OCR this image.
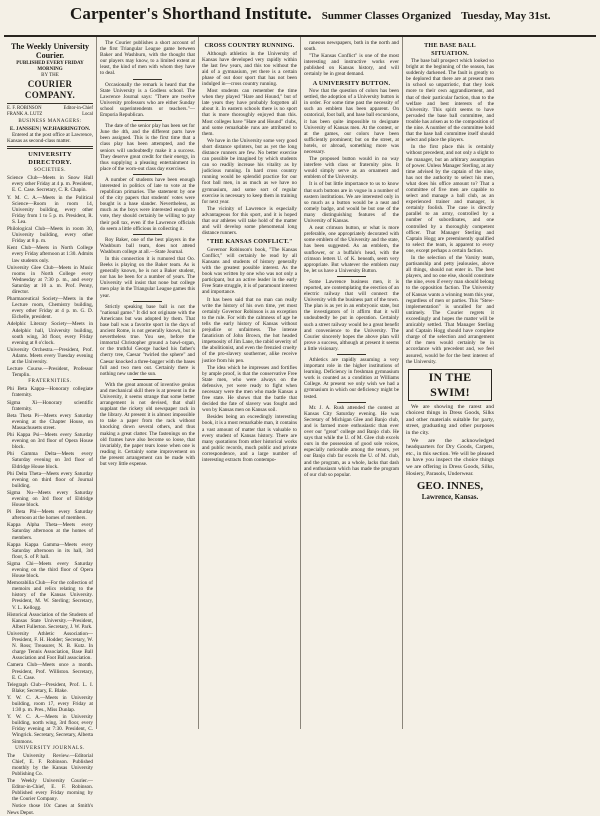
Carpenter's Shorthand Institute. Summer Classes Organized Tuesday, May 31st.
The Weekly University Courier.
PUBLISHED EVERY FRIDAY MORNING
BY THE
COURIER COMPANY.
E. F. ROBINSON	Editor-in-Chief
FRANK A. LUTZ	Local
BUSINESS MANAGERS:
E. JANSSEN | W.P.HARRINGTON.

Entered at the post office at Lawrence, Kansas as second-class matter.

UNIVERSITY DIRECTORY.
SOCIETIES.

Science Club—Meets in Snow Hall every other Friday at 4 p. m. President, E. C. Case. Secretary, C. R. Chapin.

Y. M. C. A.—Meets in the Political Science—Room in room 14, University building, every other Friday from 1 to 5 p. m. President, R. S. Lea.

Philological Club—Meets in room 30, University building, every other Friday at 8 p. m.

Kent Club—Meets in North College every Friday afternoon at 1:30. Admits law students only.

University Glee Club—Meets in Music rooms in North College every Wednesday at 7:30 p. m., and every Saturday at 10 a. m. Prof. Penny, director.

Pharmaceutical Society—Meets in the Lecture room, Chemistry building, every other Friday at 4 p. m. G. D. Eichelle, president.

Adelphic Literary Society—Meets in Adelphic hall, University building, south wing, 3d floor, every Friday evening at 8 o'clock.

University Orchestra.—President, Prof. Adams. Meets every Tuesday evening at the University.

Lecture Course.—President, Professor Templin.

FRATERNITIES.

Phi Beta Kappa—Honorary collegiate fraternity.

Sigma Xi—Honorary scientific fraternity.

Beta Theta Pi—Meets every Saturday evening at the Chapter House, on Massachusetts street.

Phi Kappa Psi—Meets every Saturday evening on 3rd floor of Opera House block.

Phi Gamma Delta—Meets every Saturday evening on 3rd floor of Eldridge House block.

Phi Delta Theta—Meets every Saturday evening on third floor of Journal building.

Sigma Nu—Meets every Saturday evening on 3rd floor of Eldridge House block.

Pi Beta Phi—Meets every Saturday afternoon at the homes of members.

Kappa Alpha Theta—Meets every Saturday afternoon at the homes of members.

Kappa Kappa Gamma—Meets every Saturday afternoon in its hall, 3rd floor, S. of P. hall.

Sigma Chi—Meets every Saturday evening on the third floor of Opera House block.

Memorabilia Club—For the collection of memoirs and relics relating to the history of the Kansas University. President, M. W. Sterling; Secretary, V. L. Kellogg.

Historical Association of the Students of Kansas State University.—President, Albert Fullerton. Secretary, J. W. Park.

University Athletic Association—President, F. H. Hodder; Secretary, W. N. Ross; Treasurer, N. B. Kutz. In charge Tennis Association, Base Ball Association and Foot Ball association.

Camera Club—Meets once a month. President, Prof. Williston. Secretary, E. C. Case.

Telegraph Club—President, Prof. L. I. Blake; Secretary, E. Blake.

Y. W. C. A.—Meets in University building, room 17, every Friday at 1:30 p. m. Pres., Miss Dunlap.

Y. W. C. A.—Meets in University building, north wing, 3rd floor, every Friday evening at 7:30. President, C. Wingrick. Secretary, Secretary, Alberta Simmons.

UNIVERSITY JOURNALS.

The University Review.—Editorial Chief, E. F. Robinson. Published monthly by the Kansas University Publishing Co.

The Weekly University Courier.—Editor-in-Chief, E. F. Robinson. Published every Friday morning by the Courier Company.

Notice those 10c Canes at Smith's News Depot.

The Courier publishes a short account of the first Triangular League game between Baker and Washburn, with the thought that our players may know, to a limited extent at least, the kind of men with whom they have to deal.

Occasionally the remark is heard that the State University is a Godless school. The Lawrence Journal says: "There are twelve University professors who are either Sunday school superintendents or teachers."—Emporia Republican.

The date of the senior play has been set for June the 4th, and the different parts have been assigned. This is the first time that a class play has been attempted, and the seniors will undoubtedly make it a success. They deserve great credit for their energy, in thus supplying a pleasing entertainment in place of the worn-out class day exercises.

A number of students have been enough interested in politics of late to vote at the republican primaries. The statement by one of the city papers that students' votes were bought is a base slander. Nevertheless, as much as the boys were interested enough to vote, they should certainly be willing to pay their poll tax, even if the Lawrence officials do seem a little officious in collecting it.

Roy Baker, one of the best players in the Washburn ball team, does not attend Washburn college at all.—State Journal.

In this connection it is rumored that Oo. Beeks is playing on the Baker team. As is generally known, he is not a Baker student, nor has he been for a number of years. The University will insist that none but college men play in the Triangular League games this year.

Strictly speaking base ball is not the "national game." It did not originate with the Americans but was adopted by them. That base ball was a favorite sport in the days of ancient Rome, is not generally known, but is nevertheless true. You see, before the immortal Christopher ground a bawl-organ, or the truthful George hacked his father's cherry tree, Caesar "twirled the sphere" and Caesar knocked a three-bagger with the bases full and two men out. Certainly there is nothing new under the sun.

With the great amount of inventive genius and mechanical skill there is at present in the University, it seems strange that some better arrangement is not devised, that shall supplant the rickety old newspaper rack in the library. At present it is almost impossible to take a paper from the rack without knocking down several others, and thus making a great clatter. The fastenings on the old frames have also become so loose, that invariably, the paper tears loose when one is reading it. Certainly some improvement on the present arrangement can be made with but very little expense.

CROSS COUNTRY RUNNING.

Although athletics in the University of Kansas have developed very rapidly within the last few years, and this too without the aid of a gymnasium, yet there is a certain phase of out door sport that has not been indulged in—cross country running.

Most students can remember the time when they played "Hare and Hound," but of late years they have probably forgotten all about it. In eastern schools there is no sport that is more thoroughly enjoyed than this. Most colleges have "Hare and Hound" clubs, and some remarkable runs are attributed to them.

We have in the University some very good short distance sprinters, but as yet the long distance runners are few. No better exercise can possible be imagined by which students can so readily increase his vitality as by judicious running. In hard cross country running would be splendid practice for our foot ball men, in as much as we have no gymnasium, and some sort of regular exercise is necessary to keep them in training for next year.

The vicinity of Lawrence is especially advantageous for this sport, and it is hoped that our athletes will take hold of the matter and will develop some phenomenal long distance runners.

"THE KANSAS CONFLICT."

Governor Robinson's book, "The Kansas Conflict," will certainly be read by all Kansans and students of history generally with the greatest possible interest. As the book was written by one who was not only a participant, but an active leader in the early Free State struggle, it is of paramount interest and importance.

It has been said that no man can really write the history of his own time, yet most certainly Governor Robinson is an exception to the rule. For with the calmness of age he tells the early history of Kansas without prejudice or unfairness. The intense fanaticism of John Brown, the hot headed impetuosity of Jim Lane, the rabid severity of the abolitionist, and even the frenzied cruelty of the pro-slavery southerner, alike receive justice from his pen.

The idea which he impresses and fortifies by ample proof, is that the conservative Free State men, who were always on the defensive, yet were ready to fight when necessary were the men who made Kansas a free state. He shows that the battle that decided the fate of slavery was fought and won by Kansas men on Kansas soil.

Besides being an exceedingly interesting book, it is a most remarkable man, it contains a vast amount of matter that is valuable to every student of Kansas history. There are many quotations from other historical works and public records, much public and private correspondence, and a large number of interesting extracts from contempo-

raneous newspapers, both in the north and south.

"The Kansas Conflict" is one of the most interesting and instructive works ever published on Kansas history, and will certainly be in great demand.

A UNIVERSITY BUTTON.

Now that the question of colors has been settled, the adoption of a University button is in order. For some time past the necessity of such an emblem has been apparent. On oratorical, foot ball, and base ball excursions, it has been quite impossible to designate University of Kansas men. At the contest, or at the games, our colors have been sufficiently prominent; but on the street, at hotels, or abroad, something more was necessary.

The proposed button would in no way interfere with class or fraternity pins. It would simply serve as an ornament and emblem of the University.

It is of but little importance to us to know that such buttons are in vogue in a number of eastern institutions. We are interested only in so much as a button would be a neat and comely badge, and would be but one of the many distinguishing features of the University of Kansas.

A neat crimson button, or what is more preferable, one appropriately decorated with some emblem of the University and the state, has been suggested. As an emblem, the sunflower, or a buffalo's head, with the crimson letters U. of K. beneath, seem very appropriate. But whatever the emblem may be, let us have a University Button.

Some Lawrence business men, it is reported, are contemplating the erection of an electric railway that will connect the University with the business part of the town. The plan is as yet in an embryonic state, but the investigators of it affirm that it will undoubtedly be put in operation. Certainly such a street railway would be a great benefit and convenience to the University. The Courier sincerely hopes the above plan will prove a success, although at present it seems a little visionary.

Athletics are rapidly assuming a very important role in the higher institutions of learning. Deficiency in freshman gymnasium work is counted as a condition at Williams College. At present we only wish we had a gymnasium in which our deficiency might be tested.

Mr. J. A. Rush attended the contest at Kansas City Saturday evening. He was Secretary of Michigan Glee and Banjo club, and is farmed more enthusiastic than ever over our "great" college and Banjo club. He says that while the U. of M. Glee club excels ours in the possession of good sole voices, especially noticeable among the tenors, yet our Banjo club far excels the U. of M. club, and the program, as a whole, lacks that dash and enthusiasm which has made the program of our club so popular.

THE BASE BALL SITUATION.

The base ball prospect which looked so bright at the beginning of the season, has suddenly darkened. The fault is greatly to be deplored that there are at present men in school so unpatriotic, that they look more to their own aggrandizement, and that of their particular faction, than to the welfare and best interests of the University. This spirit seems to have pervaded the base ball committee, and trouble has arisen as to the composition of the nine. A number of the committee hold that the base ball committee itself should select and place the players.

In the first place this is certainly without precedent, and not only a slight to the manager, but an arbitrary assumption of power. Unless Manager Sterling, at any time advised by the captain of the nine, has not the authority to select his men, what does his office amount to? That a committee of five men are capable to select and manage a ball club, as an experienced trainer and manager, is certainly foolish. The case is directly parallel to an army, controlled by a number of subordinates, and one controlled by a thoroughly competent officer. That Manager Sterling and Captain Hogg are preeminently qualified to select the team, is apparent to every one, except perhaps a certain faction.

In the selection of the Varsity team, partisanship and petty jealousies, above all things, should not enter in. The best players, and no one else, should constitute the nine, even if every man should belong to the opposition faction. The University of Kansas wants a winning team this year, regardless of men or parties. This "Stew-implementation" is uncalled for and untimely. The Courier regrets it exceedingly and hopes the matter will be amicably settled. That Manager Sterling and Captain Hogg should have complete charge of the selection and arrangement of the men would certainly be in accordance with precedent and, we feel assured, would be for the best interest of the University.

IN THE SWIM!

We are showing the rarest and choicest things in Dress Goods, Silks and other materials suitable for party, street, graduating and other purposes in the city.

We are the acknowledged headquarters for Dry Goods, Carpets, etc., in this section. We will be pleased to have you inspect the choice things we are offering in Dress Goods, Silks, Hosiery, Parasols, Underwear.

GEO. INNES,
Lawrence, Kansas.
